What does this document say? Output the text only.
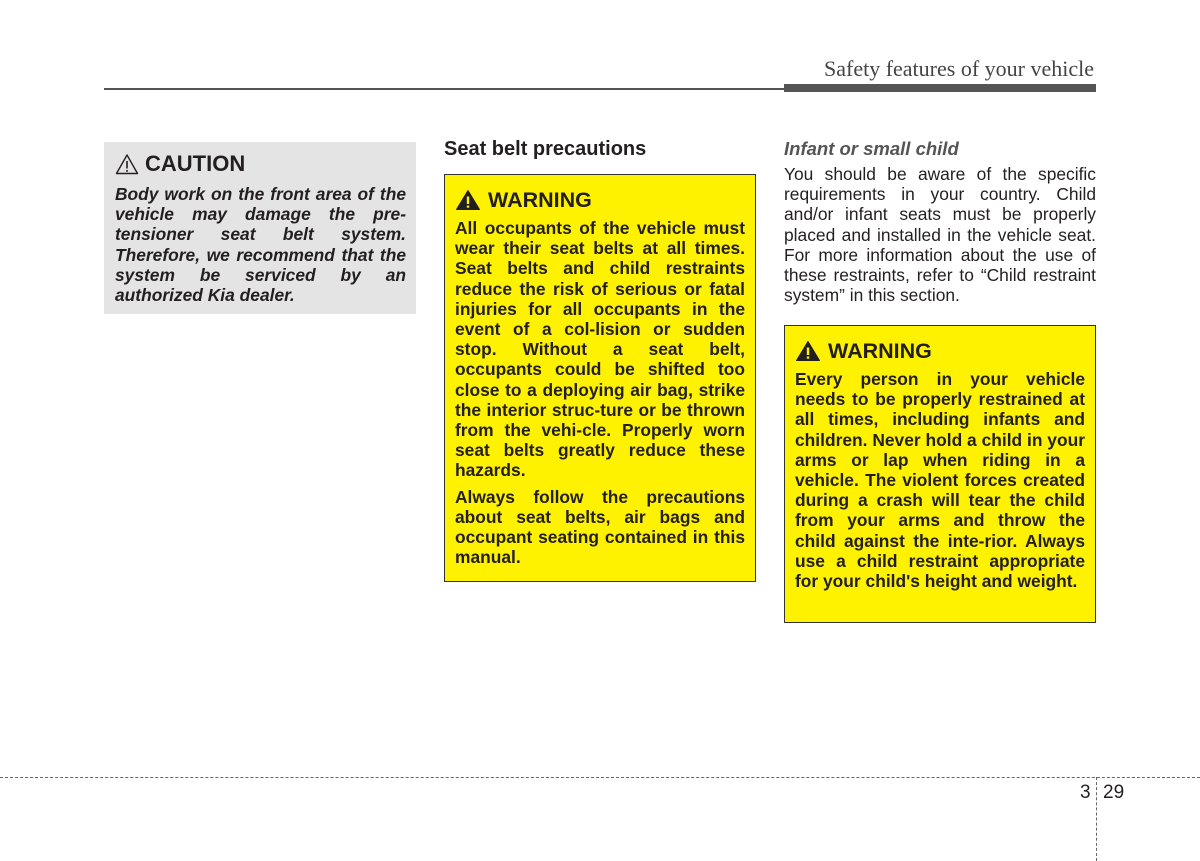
Safety features of your vehicle
CAUTION

Body work on the front area of the vehicle may damage the pre-tensioner seat belt system. Therefore, we recommend that the system be serviced by an authorized Kia dealer.

Seat belt precautions
WARNING

All occupants of the vehicle must wear their seat belts at all times. Seat belts and child restraints reduce the risk of serious or fatal injuries for all occupants in the event of a col-lision or sudden stop. Without a seat belt, occupants could be shifted too close to a deploying air bag, strike the interior struc-ture or be thrown from the vehi-cle. Properly worn seat belts greatly reduce these hazards.

Always follow the precautions about seat belts, air bags and occupant seating contained in this manual.

Infant or small child

You should be aware of the specific requirements in your country. Child and/or infant seats must be properly placed and installed in the vehicle seat. For more information about the use of these restraints, refer to “Child restraint system” in this section.

WARNING

Every person in your vehicle needs to be properly restrained at all times, including infants and children. Never hold a child in your arms or lap when riding in a vehicle. The violent forces created during a crash will tear the child from your arms and throw the child against the inte-rior. Always use a child restraint appropriate for your child's height and weight.

3 29
